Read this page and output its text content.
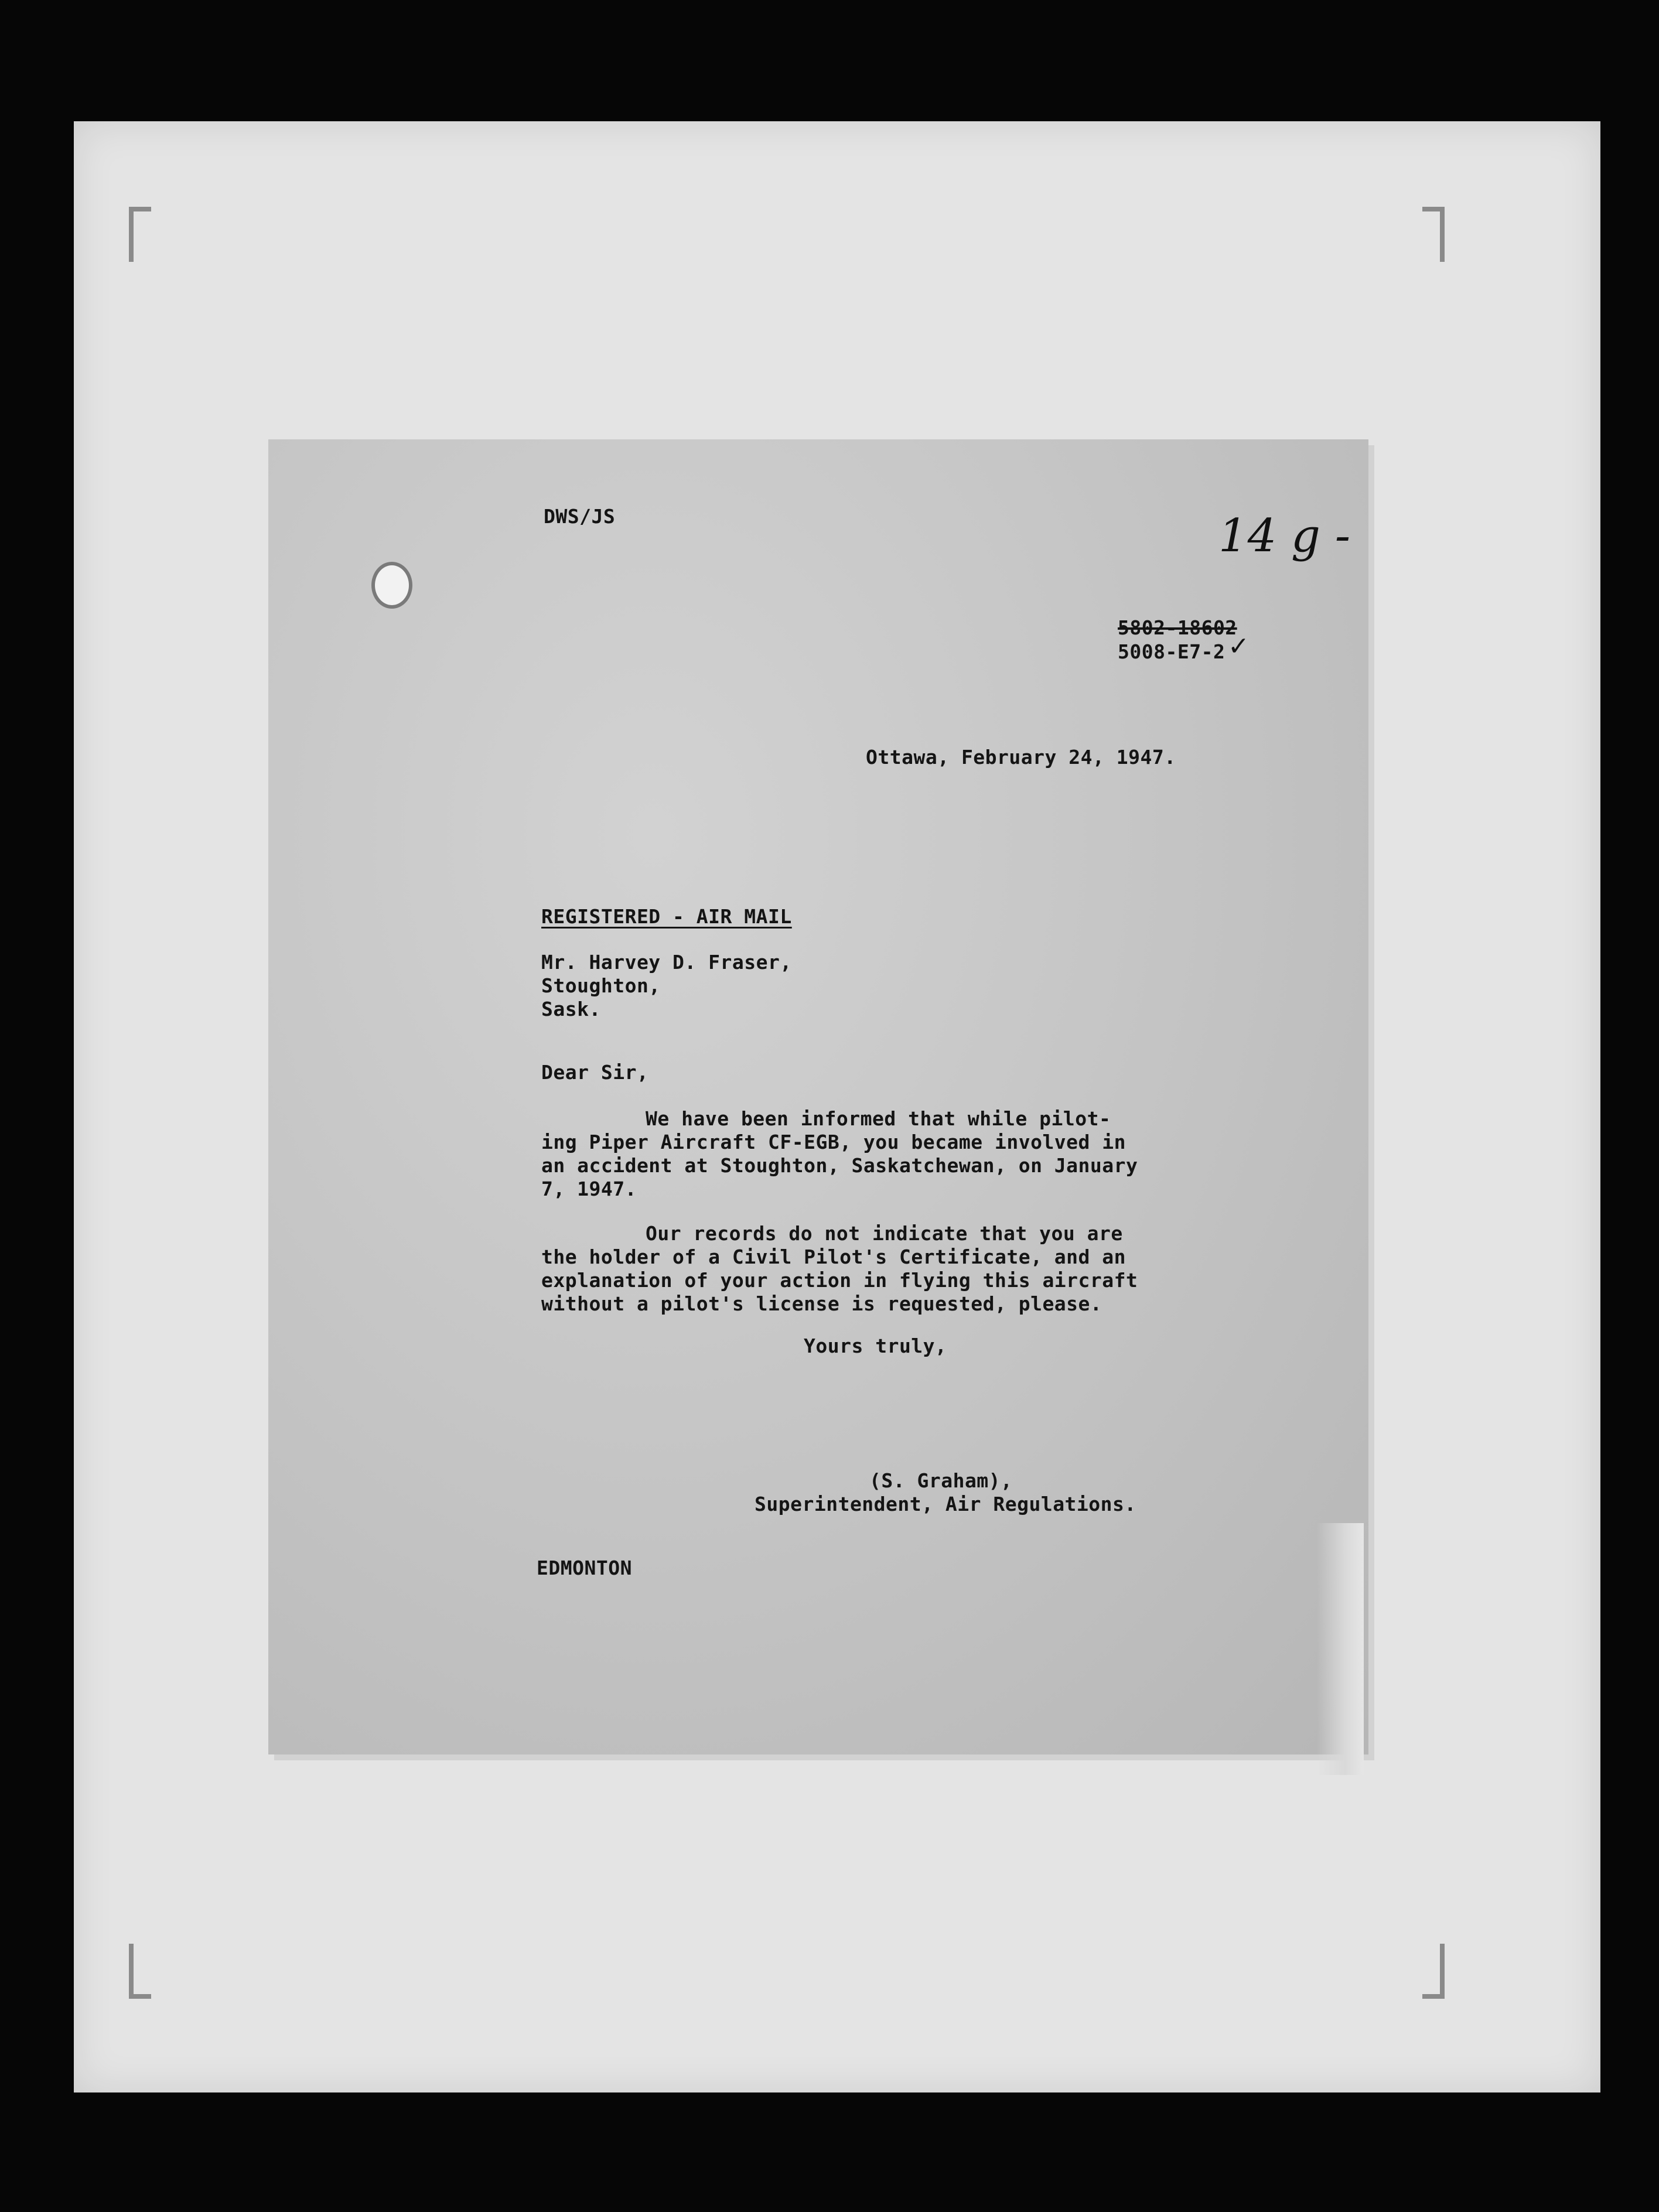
DWS/JS	14 g -
5802-18602
5008-E7-2 ✓
Ottawa, February 24, 1947.
REGISTERED - AIR MAIL
Mr. Harvey D. Fraser,
Stoughton,
Sask.
Dear Sir,
We have been informed that while pilot-
ing Piper Aircraft CF-EGB, you became involved in
an accident at Stoughton, Saskatchewan, on January
7, 1947.
Our records do not indicate that you are
the holder of a Civil Pilot's Certificate, and an
explanation of your action in flying this aircraft
without a pilot's license is requested, please.
Yours truly,
(S. Graham),
Superintendent, Air Regulations.
EDMONTON
